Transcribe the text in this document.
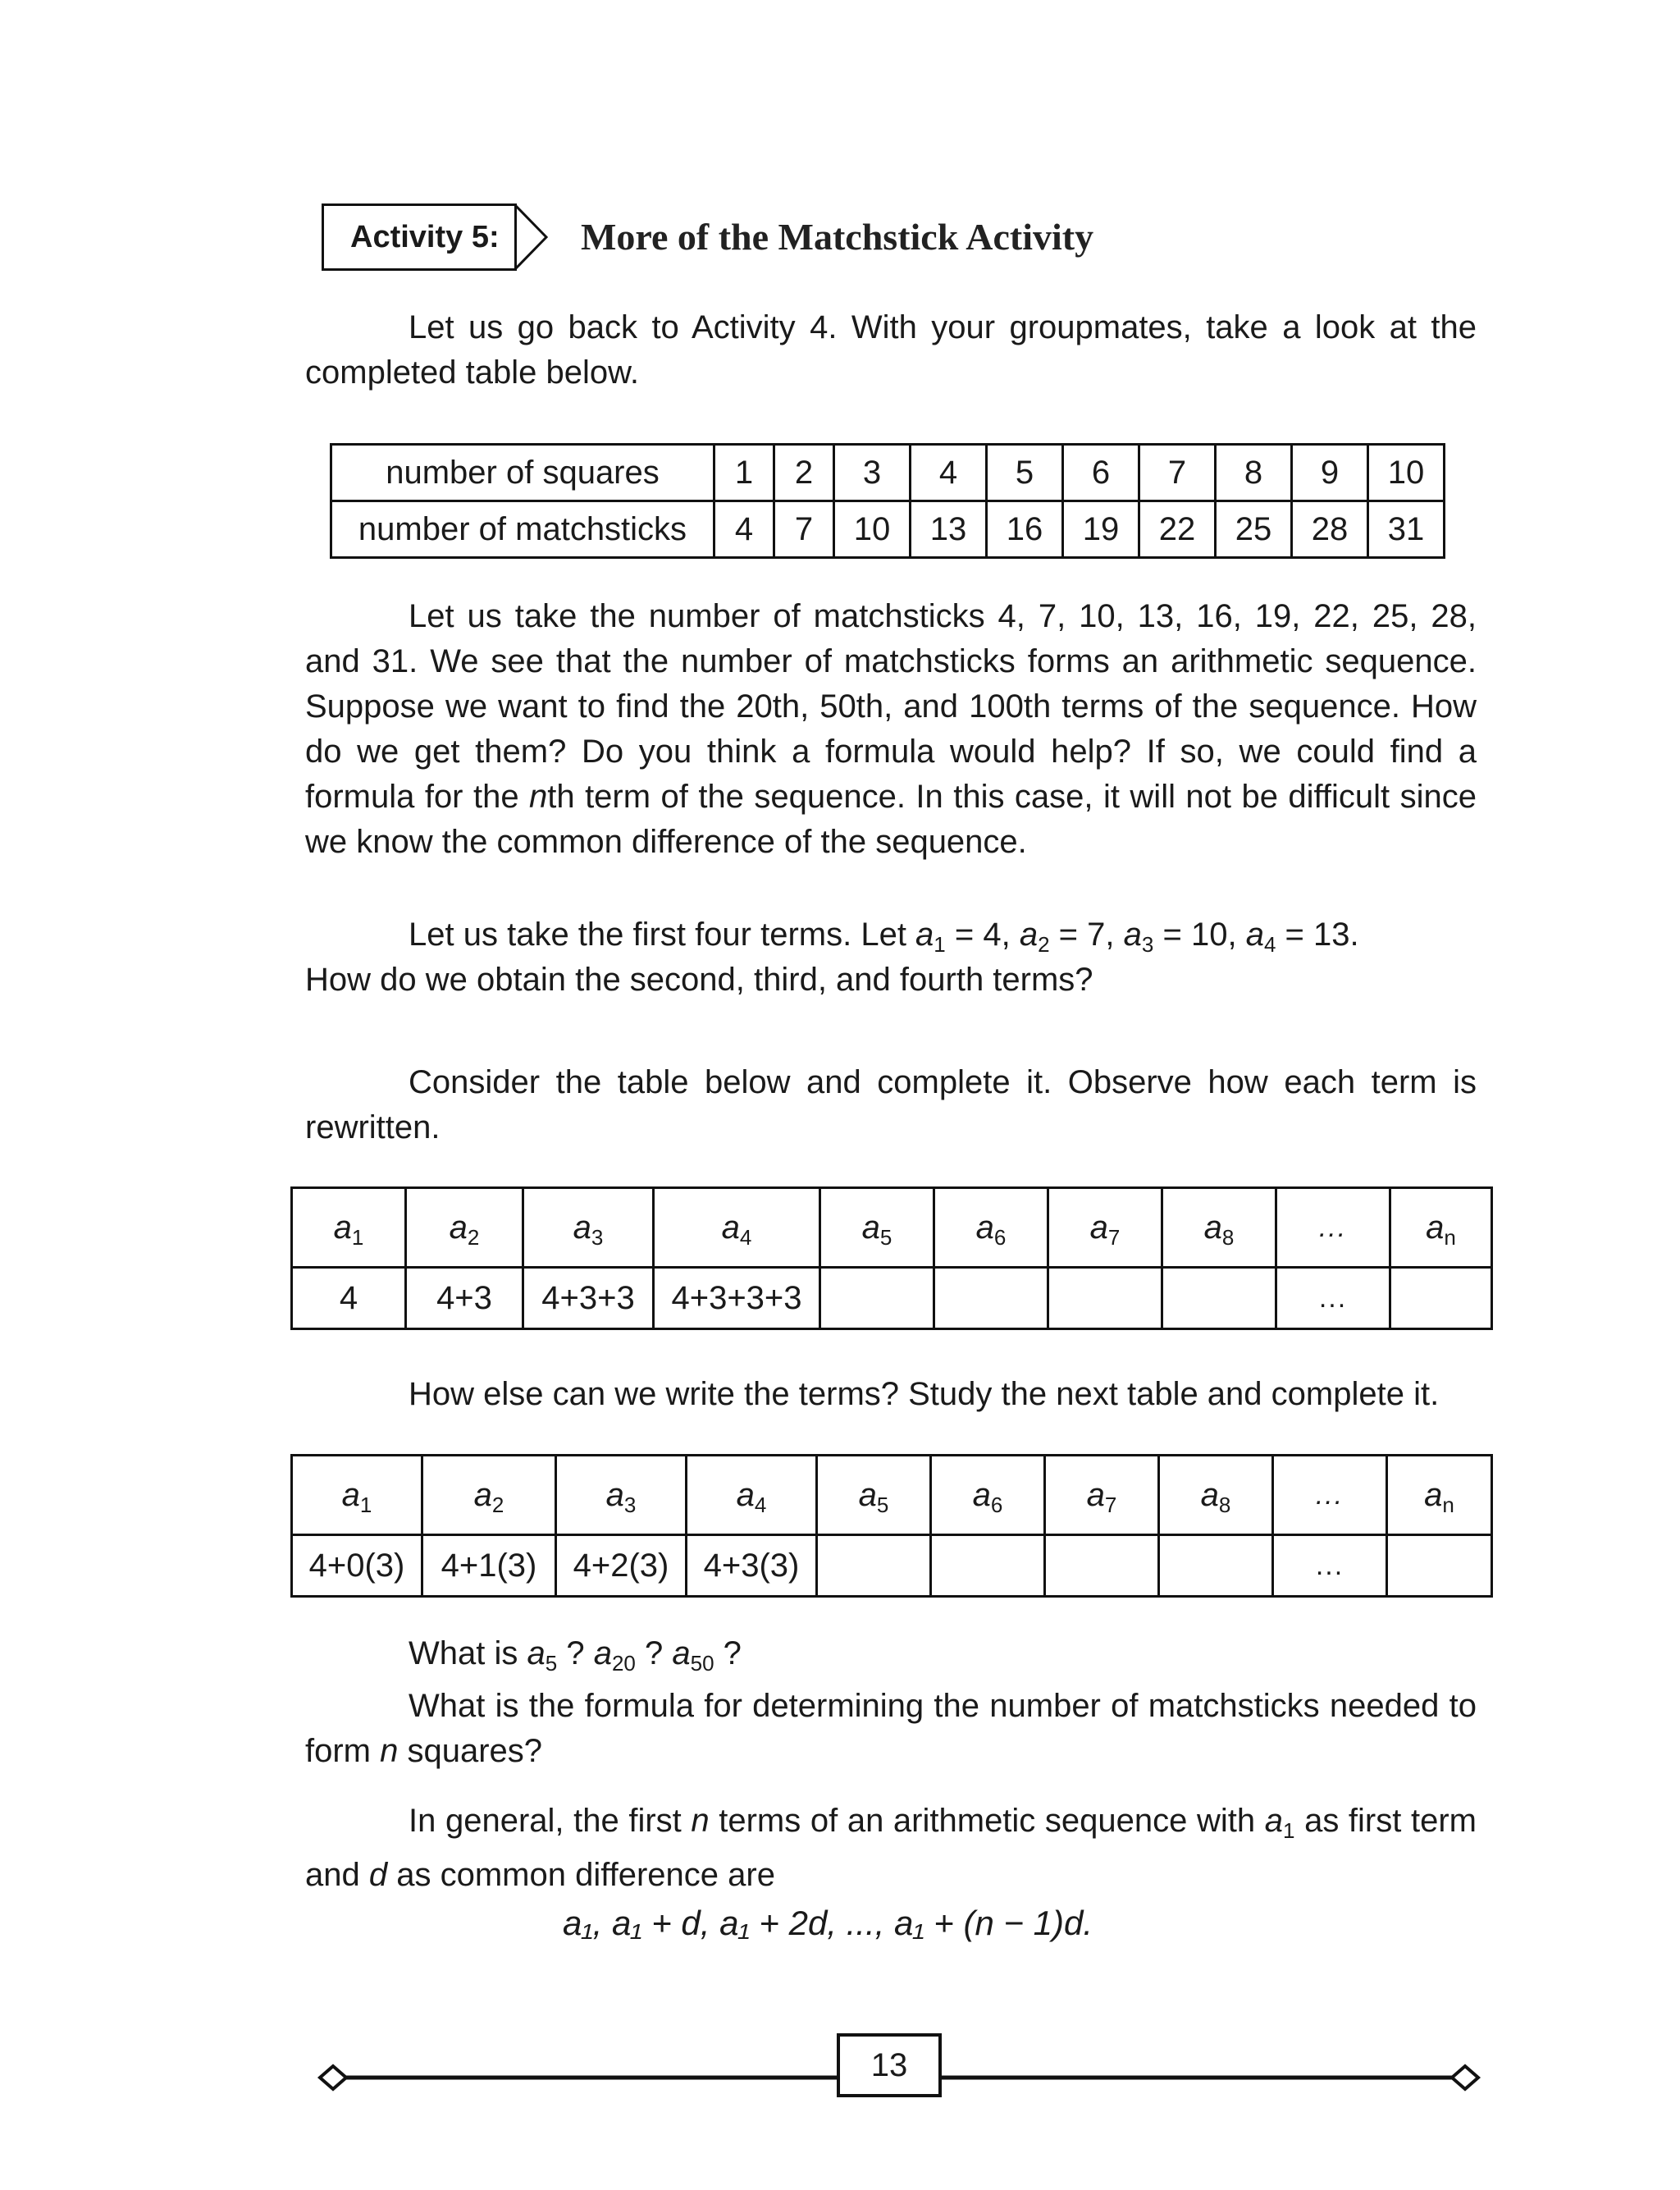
Activity 5:	More of the Matchstick Activity
Let us go back to Activity 4. With your groupmates, take a look at the completed table below.
number of squares	1	2	3	4	5	6	7	8	9	10
number of matchsticks	4	7	10	13	16	19	22	25	28	31
Let us take the number of matchsticks 4, 7, 10, 13, 16, 19, 22, 25, 28, and 31. We see that the number of matchsticks forms an arithmetic sequence. Suppose we want to find the 20th, 50th, and 100th terms of the sequence. How do we get them? Do you think a formula would help? If so, we could find a formula for the nth term of the sequence. In this case, it will not be difficult since we know the common difference of the sequence.
Let us take the first four terms. Let $a_1 = 4$, $a_2 = 7$, $a_3 = 10$, $a_4 = 13$.
How do we obtain the second, third, and fourth terms?
Consider the table below and complete it. Observe how each term is rewritten.
$a_1$	$a_2$	$a_3$	$a_4$	$a_5$	$a_6$	$a_7$	$a_8$	...	$a_n$
4	4+3	4+3+3	4+3+3+3					...	
How else can we write the terms? Study the next table and complete it.
$a_1$	$a_2$	$a_3$	$a_4$	$a_5$	$a_6$	$a_7$	$a_8$	...	$a_n$
4+0(3)	4+1(3)	4+2(3)	4+3(3)					...	
What is $a_5$ ? $a_{20}$ ? $a_{50}$ ?
What is the formula for determining the number of matchsticks needed to form n squares?
In general, the first n terms of an arithmetic sequence with $a_1$ as first term and d as common difference are
a₁, a₁ + d, a₁ + 2d, ..., a₁ + (n − 1)d.
13
